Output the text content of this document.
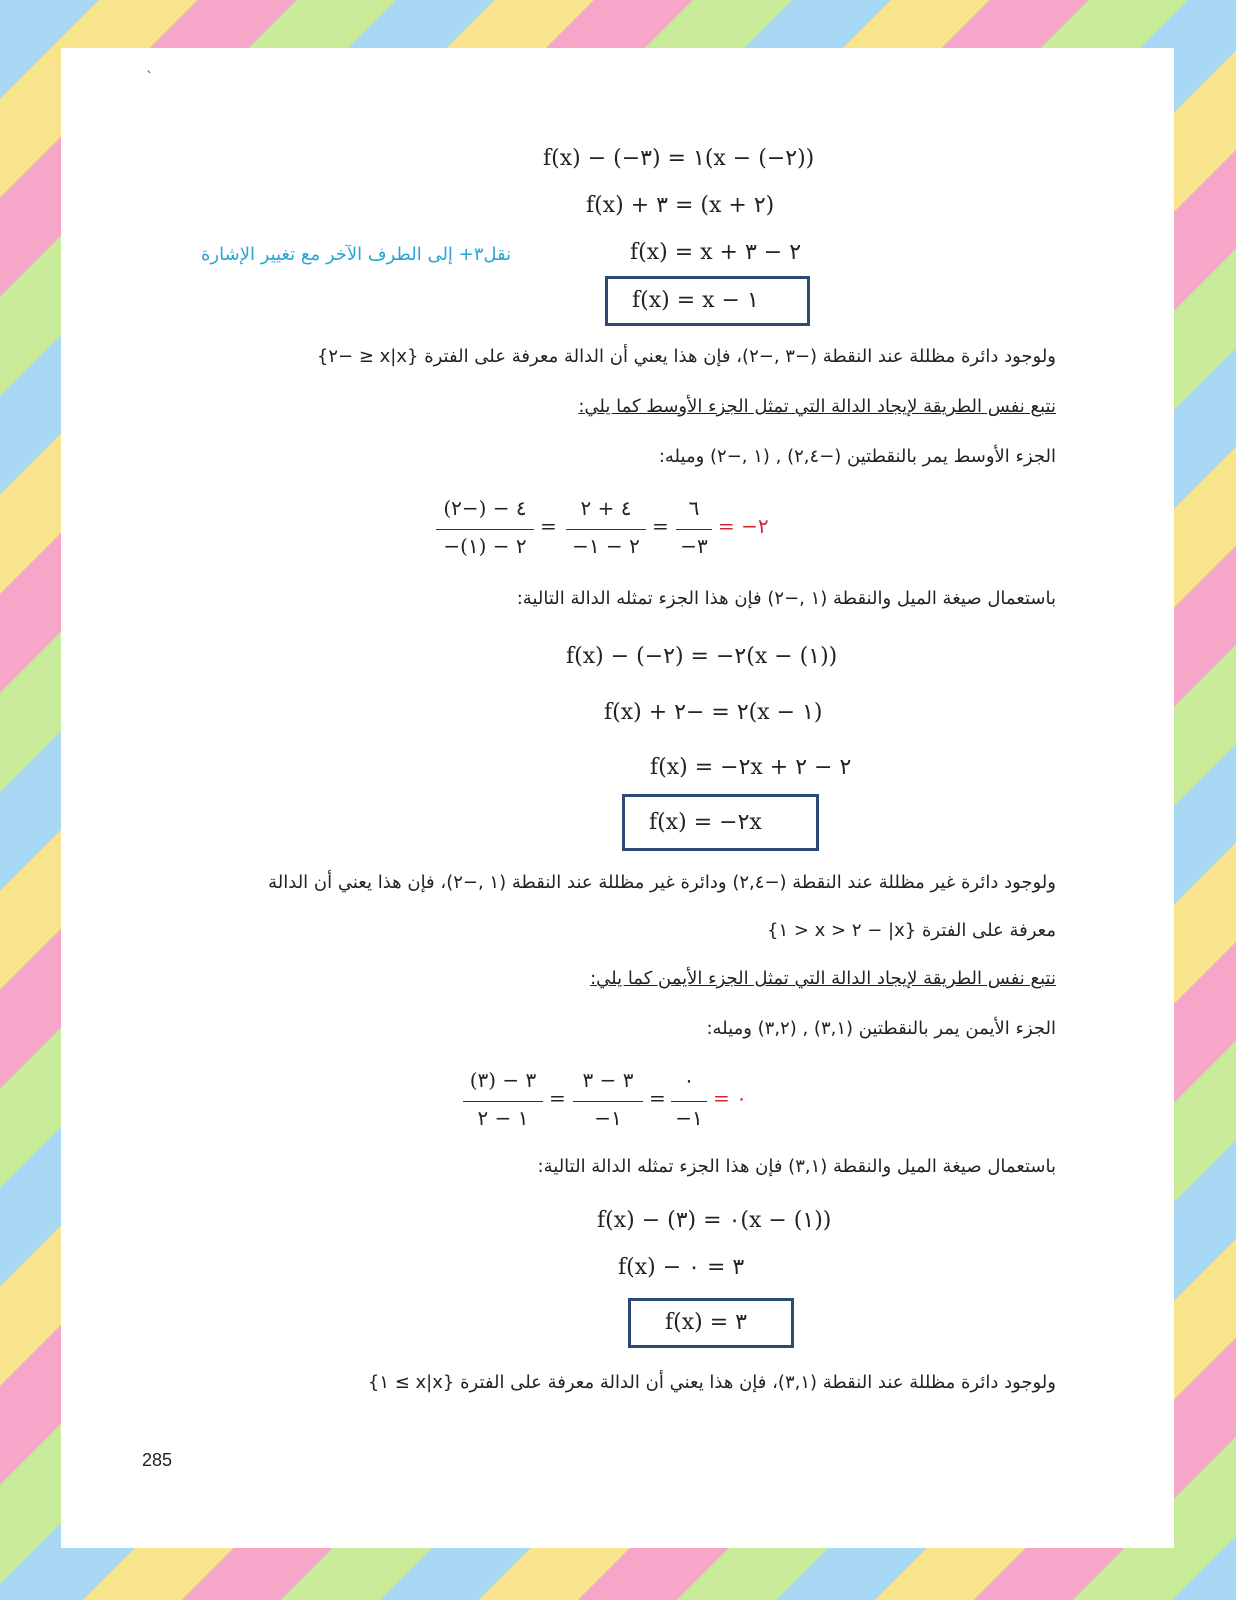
`
f(x) − (−٣) = ١(x − (−٢))
f(x) + ٣ = (x + ٢)
f(x) = x + ٢ − ٣
نقل٣+ إلى الطرف الآخر مع تغيير الإشارة
f(x) = x − ١
ولوجود دائرة مظللة عند النقطة (−٣ ,−٢)، فإن هذا يعني أن الدالة معرفة على الفترة {x|x ≤ −٢}
نتبع نفس الطريقة لإيجاد الدالة التي تمثل الجزء الأوسط كما يلي:
الجزء الأوسط يمر بالنقطتين (−٢,٤) , (١ ,−٢) وميله:
٤ − (−٢)
−٢ − (١)
=
٤ + ٢
−٢ − ١
=
٦
−٣
= −٢
باستعمال صيغة الميل والنقطة (١ ,−٢) فإن هذا الجزء تمثله الدالة التالية:
f(x) − (−٢) = −٢(x − (١))
f(x) + ٢ = −٢(x − ١)
f(x) = −٢x + ٢ − ٢
f(x) = −٢x
ولوجود دائرة غير مظللة عند النقطة (−٢,٤) ودائرة غير مظللة عند النقطة (١ ,−٢)، فإن هذا يعني أن الدالة
معرفة على الفترة {x| − ٢ < x < ١}
نتبع نفس الطريقة لإيجاد الدالة التي تمثل الجزء الأيمن كما يلي:
الجزء الأيمن يمر بالنقطتين (٣,١) , (٣,٢) وميله:
٣ − (٣)
١ − ٢
=
٣ − ٣
−١
=
٠
−١
= ٠
باستعمال صيغة الميل والنقطة (٣,١) فإن هذا الجزء تمثله الدالة التالية:
f(x) − (٣) = ٠(x − (١))
f(x) − ٣ = ٠
f(x) = ٣
ولوجود دائرة مظللة عند النقطة (٣,١)، فإن هذا يعني أن الدالة معرفة على الفترة {x|x ≥ ١}
285
